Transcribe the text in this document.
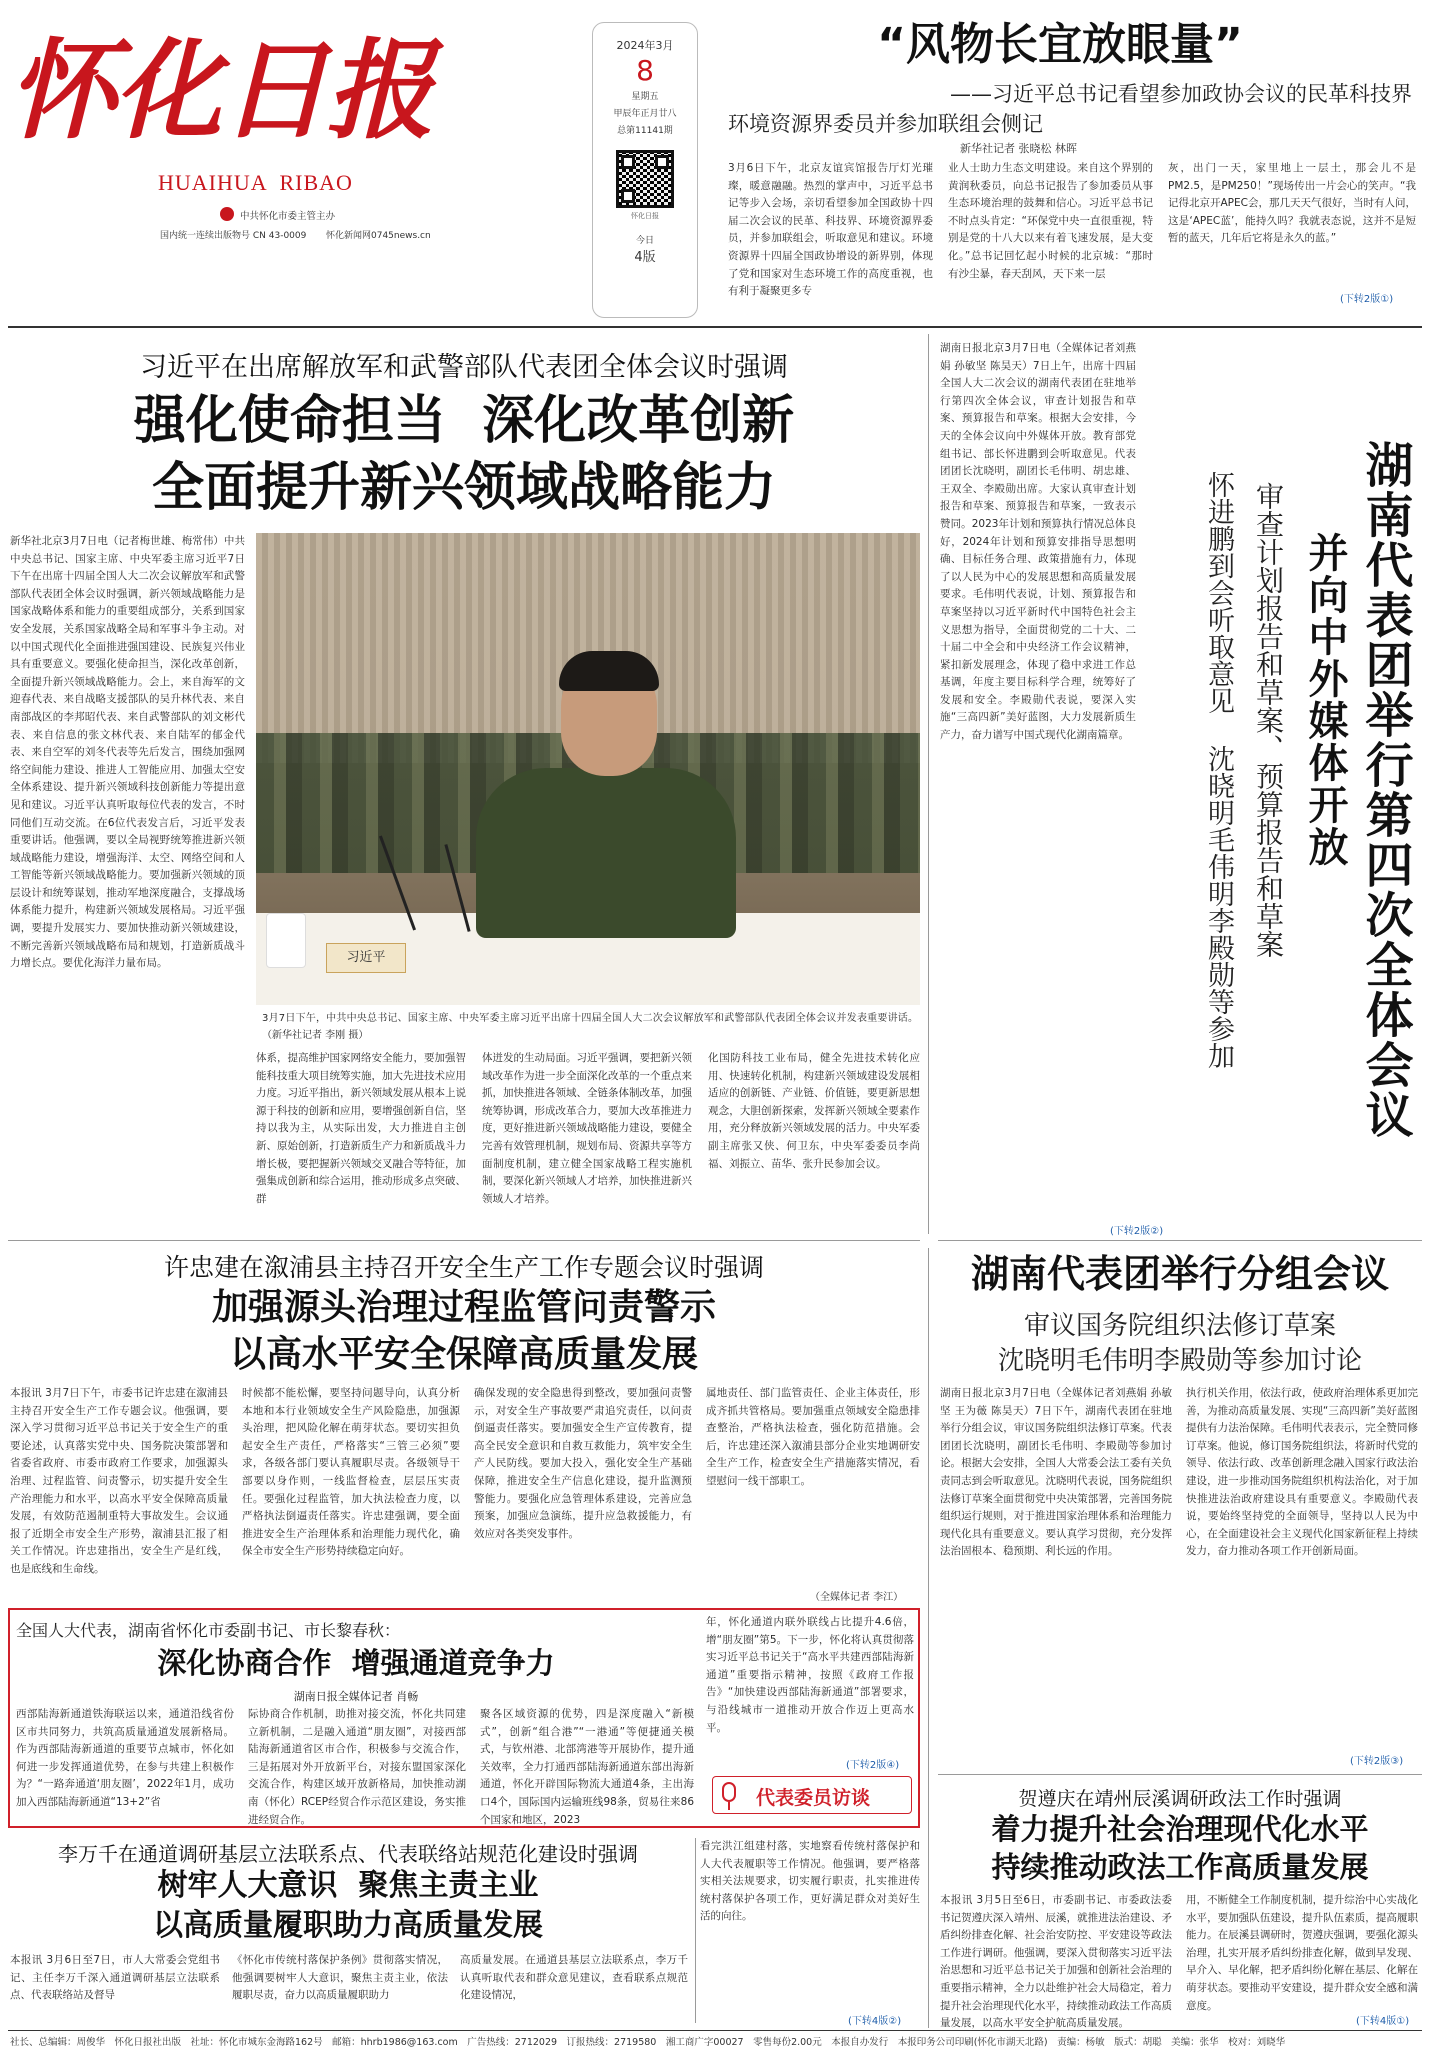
怀化日报
HUAIHUA  RIBAO
中共怀化市委主管主办
国内统一连续出版物号 CN 43-0009 怀化新闻网0745news.cn
2024年3月
8
星期五
甲辰年正月廿八
总第11141期
怀化日报
今日
4版
“风物长宜放眼量”
——习近平总书记看望参加政协会议的民革科技界
环境资源界委员并参加联组会侧记
新华社记者 张晓松 林晖
3月6日下午，北京友谊宾馆报告厅灯光璀璨，暖意融融。热烈的掌声中，习近平总书记等步入会场，亲切看望参加全国政协十四届二次会议的民革、科技界、环境资源界委员，并参加联组会，听取意见和建议。环境资源界十四届全国政协增设的新界别，体现了党和国家对生态环境工作的高度重视，也有利于凝聚更多专
业人士助力生态文明建设。来自这个界别的黄润秋委员，向总书记报告了参加委员从事生态环境治理的鼓舞和信心。习近平总书记不时点头肯定：“环保党中央一直很重视，特别是党的十八大以来有着飞速发展，是大变化。”总书记回忆起小时候的北京城：“那时有沙尘暴，春天刮风，天下来一层
灰，出门一天，家里地上一层土，那会儿不是PM2.5，是PM250！”现场传出一片会心的笑声。“我记得北京开APEC会，那几天天气很好，当时有人问，这是‘APEC蓝’，能持久吗？我就表态说，这并不是短暂的蓝天，几年后它将是永久的蓝。”
(下转2版①)
习近平在出席解放军和武警部队代表团全体会议时强调
强化使命担当  深化改革创新
全面提升新兴领域战略能力
新华社北京3月7日电（记者梅世雄、梅常伟）中共中央总书记、国家主席、中央军委主席习近平7日下午在出席十四届全国人大二次会议解放军和武警部队代表团全体会议时强调，新兴领域战略能力是国家战略体系和能力的重要组成部分，关系到国家安全发展，关系国家战略全局和军事斗争主动。对以中国式现代化全面推进强国建设、民族复兴伟业具有重要意义。要强化使命担当，深化改革创新，全面提升新兴领域战略能力。会上，来自海军的文迎春代表、来自战略支援部队的吴升林代表、来自南部战区的李邦昭代表、来自武警部队的刘文彬代表、来自信息的张文林代表、来自陆军的郁金代表、来自空军的刘冬代表等先后发言，围绕加强网络空间能力建设、推进人工智能应用、加强太空安全体系建设、提升新兴领域科技创新能力等提出意见和建议。习近平认真听取每位代表的发言，不时同他们互动交流。在6位代表发言后，习近平发表重要讲话。他强调，要以全局视野统筹推进新兴领域战略能力建设，增强海洋、太空、网络空间和人工智能等新兴领域战略能力。要加强新兴领域的顶层设计和统筹谋划，推动军地深度融合，支撑战场体系能力提升，构建新兴领域发展格局。习近平强调，要提升发展实力、要加快推动新兴领域建设，不断完善新兴领域战略布局和规划，打造新质战斗力增长点。要优化海洋力量布局。	习近平
3月7日下午，中共中央总书记、国家主席、中央军委主席习近平出席十四届全国人大二次会议解放军和武警部队代表团全体会议并发表重要讲话。 （新华社记者 李刚 摄）
体系，提高维护国家网络安全能力，要加强智能科技重大项目统筹实施，加大先进技术应用力度。习近平指出，新兴领域发展从根本上说源于科技的创新和应用，要增强创新自信，坚持以我为主，从实际出发，大力推进自主创新、原始创新，打造新质生产力和新质战斗力增长极，要把握新兴领域交叉融合等特征，加强集成创新和综合运用，推动形成多点突破、群
体迸发的生动局面。习近平强调，要把新兴领域改革作为进一步全面深化改革的一个重点来抓，加快推进各领域、全链条体制改革，加强统筹协调，形成改革合力，要加大改革推进力度，更好推进新兴领域战略能力建设，要健全完善有效管理机制，规划布局、资源共享等方面制度机制，建立健全国家战略工程实施机制，要深化新兴领域人才培养，加快推进新兴领域人才培养。
化国防科技工业布局，健全先进技术转化应用、快速转化机制，构建新兴领域建设发展相适应的创新链、产业链、价值链，要更新思想观念，大胆创新探索，发挥新兴领域全要素作用，充分释放新兴领域发展的活力。中央军委副主席张又侠、何卫东，中央军委委员李尚福、刘振立、苗华、张升民参加会议。
湖南日报北京3月7日电（全媒体记者刘燕娟 孙敏坚 陈昊天）7日上午，出席十四届全国人大二次会议的湖南代表团在驻地举行第四次全体会议，审查计划报告和草案、预算报告和草案。根据大会安排，今天的全体会议向中外媒体开放。教育部党组书记、部长怀进鹏到会听取意见。代表团团长沈晓明，副团长毛伟明、胡忠雄、王双全、李殿勋出席。大家认真审查计划报告和草案、预算报告和草案，一致表示赞同。2023年计划和预算执行情况总体良好，2024年计划和预算安排指导思想明确、目标任务合理、政策措施有力，体现了以人民为中心的发展思想和高质量发展要求。毛伟明代表说，计划、预算报告和草案坚持以习近平新时代中国特色社会主义思想为指导，全面贯彻党的二十大、二十届二中全会和中央经济工作会议精神，紧扣新发展理念，体现了稳中求进工作总基调，年度主要目标科学合理，统筹好了发展和安全。李殿勋代表说，要深入实施“三高四新”美好蓝图，大力发展新质生产力，奋力谱写中国式现代化湖南篇章。	湖南代表团举行第四次全体会议
并向中外媒体开放
审查计划报告和草案、预算报告和草案
怀进鹏到会听取意见 沈晓明毛伟明李殿勋等参加
(下转2版②)
湖南代表团举行分组会议
审议国务院组织法修订草案
沈晓明毛伟明李殿勋等参加讨论
湖南日报北京3月7日电（全媒体记者刘燕娟 孙敏坚 王为薇 陈昊天）7日下午，湖南代表团在驻地举行分组会议，审议国务院组织法修订草案。代表团团长沈晓明，副团长毛伟明、李殿勋等参加讨论。根据大会安排，全国人大常委会法工委有关负责同志到会听取意见。沈晓明代表说，国务院组织法修订草案全面贯彻党中央决策部署，完善国务院组织运行规则，对于推进国家治理体系和治理能力现代化具有重要意义。要认真学习贯彻，充分发挥法治固根本、稳预期、利长远的作用。
执行机关作用，依法行政，使政府治理体系更加完善，为推动高质量发展、实现“三高四新”美好蓝图提供有力法治保障。毛伟明代表表示，完全赞同修订草案。他说，修订国务院组织法，将新时代党的领导、依法行政、改革创新理念融入国家行政法治建设，进一步推动国务院组织机构法治化，对于加快推进法治政府建设具有重要意义。李殿勋代表说，要始终坚持党的全面领导，坚持以人民为中心，在全面建设社会主义现代化国家新征程上持续发力，奋力推动各项工作开创新局面。
(下转2版③)
许忠建在溆浦县主持召开安全生产工作专题会议时强调
加强源头治理过程监管问责警示
以高水平安全保障高质量发展
本报讯 3月7日下午，市委书记许忠建在溆浦县主持召开安全生产工作专题会议。他强调，要深入学习贯彻习近平总书记关于安全生产的重要论述，认真落实党中央、国务院决策部署和省委省政府、市委市政府工作要求，加强源头治理、过程监管、问责警示，切实提升安全生产治理能力和水平，以高水平安全保障高质量发展，有效防范遏制重特大事故发生。会议通报了近期全市安全生产形势，溆浦县汇报了相关工作情况。许忠建指出，安全生产是红线，也是底线和生命线。
时候都不能松懈，要坚持问题导向，认真分析本地和本行业领域安全生产风险隐患，加强源头治理，把风险化解在萌芽状态。要切实担负起安全生产责任，严格落实“三管三必须”要求，各级各部门要认真履职尽责。各级领导干部要以身作则，一线监督检查，层层压实责任。要强化过程监管，加大执法检查力度，以严格执法倒逼责任落实。许忠建强调，要全面推进安全生产治理体系和治理能力现代化，确保全市安全生产形势持续稳定向好。
确保发现的安全隐患得到整改，要加强问责警示，对安全生产事故要严肃追究责任，以问责倒逼责任落实。要加强安全生产宣传教育，提高全民安全意识和自救互救能力，筑牢安全生产人民防线。要加大投入，强化安全生产基础保障，推进安全生产信息化建设，提升监测预警能力。要强化应急管理体系建设，完善应急预案，加强应急演练，提升应急救援能力，有效应对各类突发事件。
属地责任、部门监管责任、企业主体责任，形成齐抓共管格局。要加强重点领域安全隐患排查整治，严格执法检查，强化防范措施。会后，许忠建还深入溆浦县部分企业实地调研安全生产工作，检查安全生产措施落实情况，看望慰问一线干部职工。
（全媒体记者 李江）
全国人大代表，湖南省怀化市委副书记、市长黎春秋：
深化协商合作  增强通道竞争力
湖南日报全媒体记者 肖畅
西部陆海新通道铁海联运以来，通道沿线省份区市共同努力，共筑高质量通道发展新格局。作为西部陆海新通道的重要节点城市，怀化如何进一步发挥通道优势，在参与共建上积极作为？“一路奔通道‘朋友圈’，2022年1月，成功加入西部陆海新通道“13+2”省
际协商合作机制，助推对接交流，怀化共同建立新机制，二是融入通道“朋友圈”，对接西部陆海新通道省区市合作，积极参与交流合作，三是拓展对外开放新平台，对接东盟国家深化交流合作，构建区域开放新格局，加快推动湖南（怀化）RCEP经贸合作示范区建设，务实推进经贸合作。
聚各区域资源的优势，四是深度融入“新模式”，创新“组合港”“一港通”等便捷通关模式，与钦州港、北部湾港等开展协作，提升通关效率，全力打通西部陆海新通道东部出海新通道，怀化开辟国际物流大通道4条，主出海口4个，国际国内运输班线98条，贸易往来86个国家和地区，2023
年，怀化通道内联外联线占比提升4.6倍，增“朋友圈”第5。下一步，怀化将认真贯彻落实习近平总书记关于“高水平共建西部陆海新通道”重要指示精神，按照《政府工作报告》“加快建设西部陆海新通道”部署要求，与沿线城市一道推动开放合作迈上更高水平。
(下转2版④)
代表委员访谈
李万千在通道调研基层立法联系点、代表联络站规范化建设时强调
树牢人大意识  聚焦主责主业
以高质量履职助力高质量发展
本报讯 3月6日至7日，市人大常委会党组书记、主任李万千深入通道调研基层立法联系点、代表联络站及督导
《怀化市传统村落保护条例》贯彻落实情况，他强调要树牢人大意识，聚焦主责主业，依法履职尽责，奋力以高质量履职助力
高质量发展。在通道县基层立法联系点，李万千认真听取代表和群众意见建议，查看联系点规范化建设情况，
看完洪江组建村落，实地察看传统村落保护和人大代表履职等工作情况。他强调，要严格落实相关法规要求，切实履行职责，扎实推进传统村落保护各项工作，更好满足群众对美好生活的向往。
(下转4版②)
贺遵庆在靖州辰溪调研政法工作时强调
着力提升社会治理现代化水平
持续推动政法工作高质量发展
本报讯 3月5日至6日，市委副书记、市委政法委书记贺遵庆深入靖州、辰溪，就推进法治建设、矛盾纠纷排查化解、社会治安防控、平安建设等政法工作进行调研。他强调，要深入贯彻落实习近平法治思想和习近平总书记关于加强和创新社会治理的重要指示精神，全力以赴维护社会大局稳定，着力提升社会治理现代化水平，持续推动政法工作高质量发展，以高水平安全护航高质量发展。
用，不断健全工作制度机制，提升综治中心实战化水平，要加强队伍建设，提升队伍素质，提高履职能力。在辰溪县调研时，贺遵庆强调，要强化源头治理，扎实开展矛盾纠纷排查化解，做到早发现、早介入、早化解，把矛盾纠纷化解在基层、化解在萌芽状态。要推动平安建设，提升群众安全感和满意度。
(下转4版①)
社长、总编辑：周俊华　怀化日报社出版　社址：怀化市城东金海路162号　邮箱：hhrb1986@163.com　广告热线：2712029　订报热线：2719580　湘工商广字00027　零售每份2.00元　本报自办发行　本报印务公司印刷(怀化市湖天北路)　责编：杨敏　版式：胡聪　美编：张华　校对：刘晓华
